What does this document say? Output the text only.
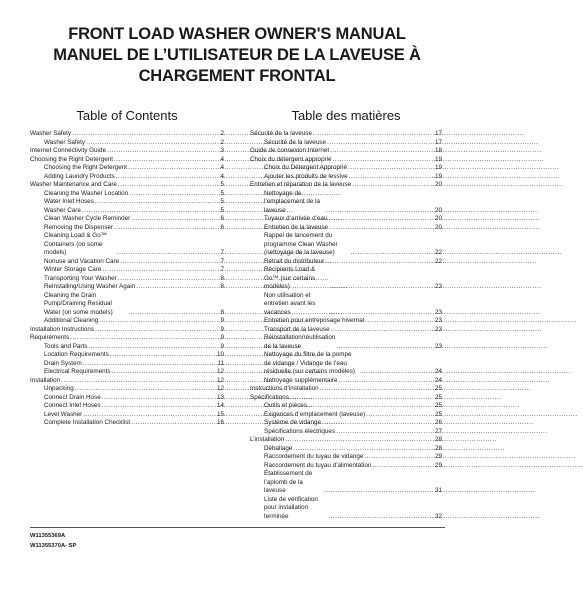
FRONT LOAD WASHER OWNER'S MANUAL
MANUEL DE L’UTILISATEUR DE LA LAVEUSE À
CHARGEMENT FRONTAL
Table of Contents
Washer Safety . . .	2
Washer Safety . . .	2
Internet Connectivity Guide . . .	3
Choosing the Right Detergent . . .	4
Choosing the Right Detergent . . .	4
Adding Laundry Products . . .	4
Washer Maintenance and Care . . .	5
Cleaning the Washer Location . . .	5
Water Inlet Hoses . . .	5
Washer Care . . .	5
Clean Washer Cycle Reminder . . .	6
Removing the Dispenser . . .	6
Cleaning Load & Go™ Containers (on some models) . . .	7
Nonuse and Vacation Care . . .	7
Winter Storage Care . . .	7
Transporting Your Washer . . .	8
Reinstalling/Using Washer Again . . .	8
Cleaning the Drain Pump/Draining Residual Water (on some models) . . .	8
Additional Cleaning . . .	9
Installation Instructions . . .	9
Requirements . . .	9
Tools and Parts . . .	9
Location Requirements . . .	10
Drain System . . .	11
Electrical Requirements . . .	12
Installation . . .	12
Unpacking . . .	12
Connect Drain Hose . . .	13
Connect Inlet Hoses . . .	14
Level Washer . . .	15
Complete Installation Checklist . . .	16
Table des matières
Sécurité de la laveuse . . .	17
Sécurité de la laveuse . . .	17
Guide de connexion Internet . . .	18
Choix du détergent approprié . . .	19
Choix du Détergent Approprié . . .	19
Ajouter les produits de lessive . . .	19
Entretien et réparation de la laveuse . . .	20
Nettoyage de l’emplacement de la laveuse . . .	20
Tuyaux d’arrivée d’eau . . .	20
Entretien de la laveuse . . .	20
Rappel de lancement du programme Clean Washer (nettoyage de la laveuse) . . .	22
Retrait du distributeur . . .	22
Récipients Load & Go™ (sur certains modèles) . . .	23
Non utilisation et entretien avant les vacances . . .	23
Entretien pour entreposage hivernal . . .	23
Transport de la laveuse . . .	23
Réinstallation/réutilisation de la laveuse . . .	23
Nettoyage du filtre de la pompe de vidange / Vidange de l’eau résiduelle (sur certains modèles) . . .	24
Nettoyage supplémentaire . . .	24
Instructions d’installation . . .	25
Spécifications . . .	25
Outils et pièces . . .	25
Exigences d’emplacement (laveuse) . . .	25
Système de vidange . . .	26
Spécifications électriques . . .	27
L’installation . . .	28
Déballage . . .	28
Raccordement du tuyau de vidange . . .	29
Raccordement du tuyau d’alimentation . . .	29
Établissement de l’aplomb de la laveuse . . .	31
Liste de vérification pour installation terminée . . .	32
W11355369A
W11355370A- SP
